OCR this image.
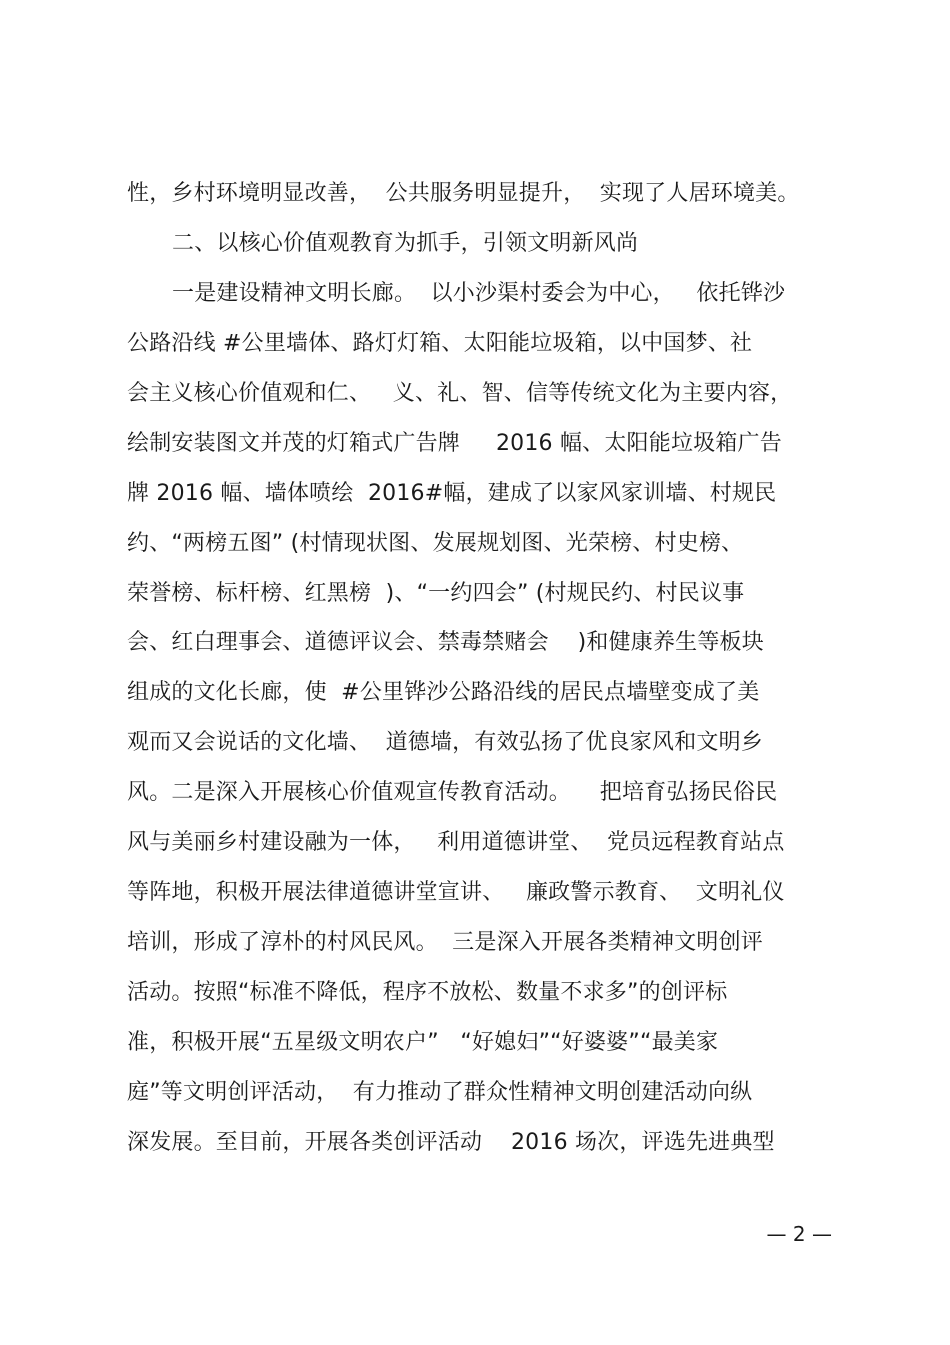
性，乡村环境明显改善，  公共服务明显提升，  实现了人居环境美。
二、以核心价值观教育为抓手，引领文明新风尚
一是建设精神文明长廊。  以小沙渠村委会为中心，   依托铧沙
公路沿线 #公里墙体、路灯灯箱、太阳能垃圾箱，以中国梦、社
会主义核心价值观和仁、   义、礼、智、信等传统文化为主要内容，
绘制安装图文并茂的灯箱式广告牌     2016 幅、太阳能垃圾箱广告
牌 2016 幅、墙体喷绘  2016#幅，建成了以家风家训墙、村规民
约、“两榜五图” (村情现状图、发展规划图、光荣榜、村史榜、
荣誉榜、标杆榜、红黑榜  )、“一约四会” (村规民约、村民议事
会、红白理事会、道德评议会、禁毒禁赌会    )和健康养生等板块
组成的文化长廊，使  #公里铧沙公路沿线的居民点墙壁变成了美
观而又会说话的文化墙、  道德墙，有效弘扬了优良家风和文明乡
风。二是深入开展核心价值观宣传教育活动。    把培育弘扬民俗民
风与美丽乡村建设融为一体，   利用道德讲堂、  党员远程教育站点
等阵地，积极开展法律道德讲堂宣讲、   廉政警示教育、  文明礼仪
培训，形成了淳朴的村风民风。  三是深入开展各类精神文明创评
活动。按照“标准不降低，程序不放松、数量不求多”的创评标
准，积极开展“五星级文明农户”   “好媳妇”“好婆婆”“最美家
庭”等文明创评活动，  有力推动了群众性精神文明创建活动向纵
深发展。至目前，开展各类创评活动    2016 场次，评选先进典型
— 2 —
